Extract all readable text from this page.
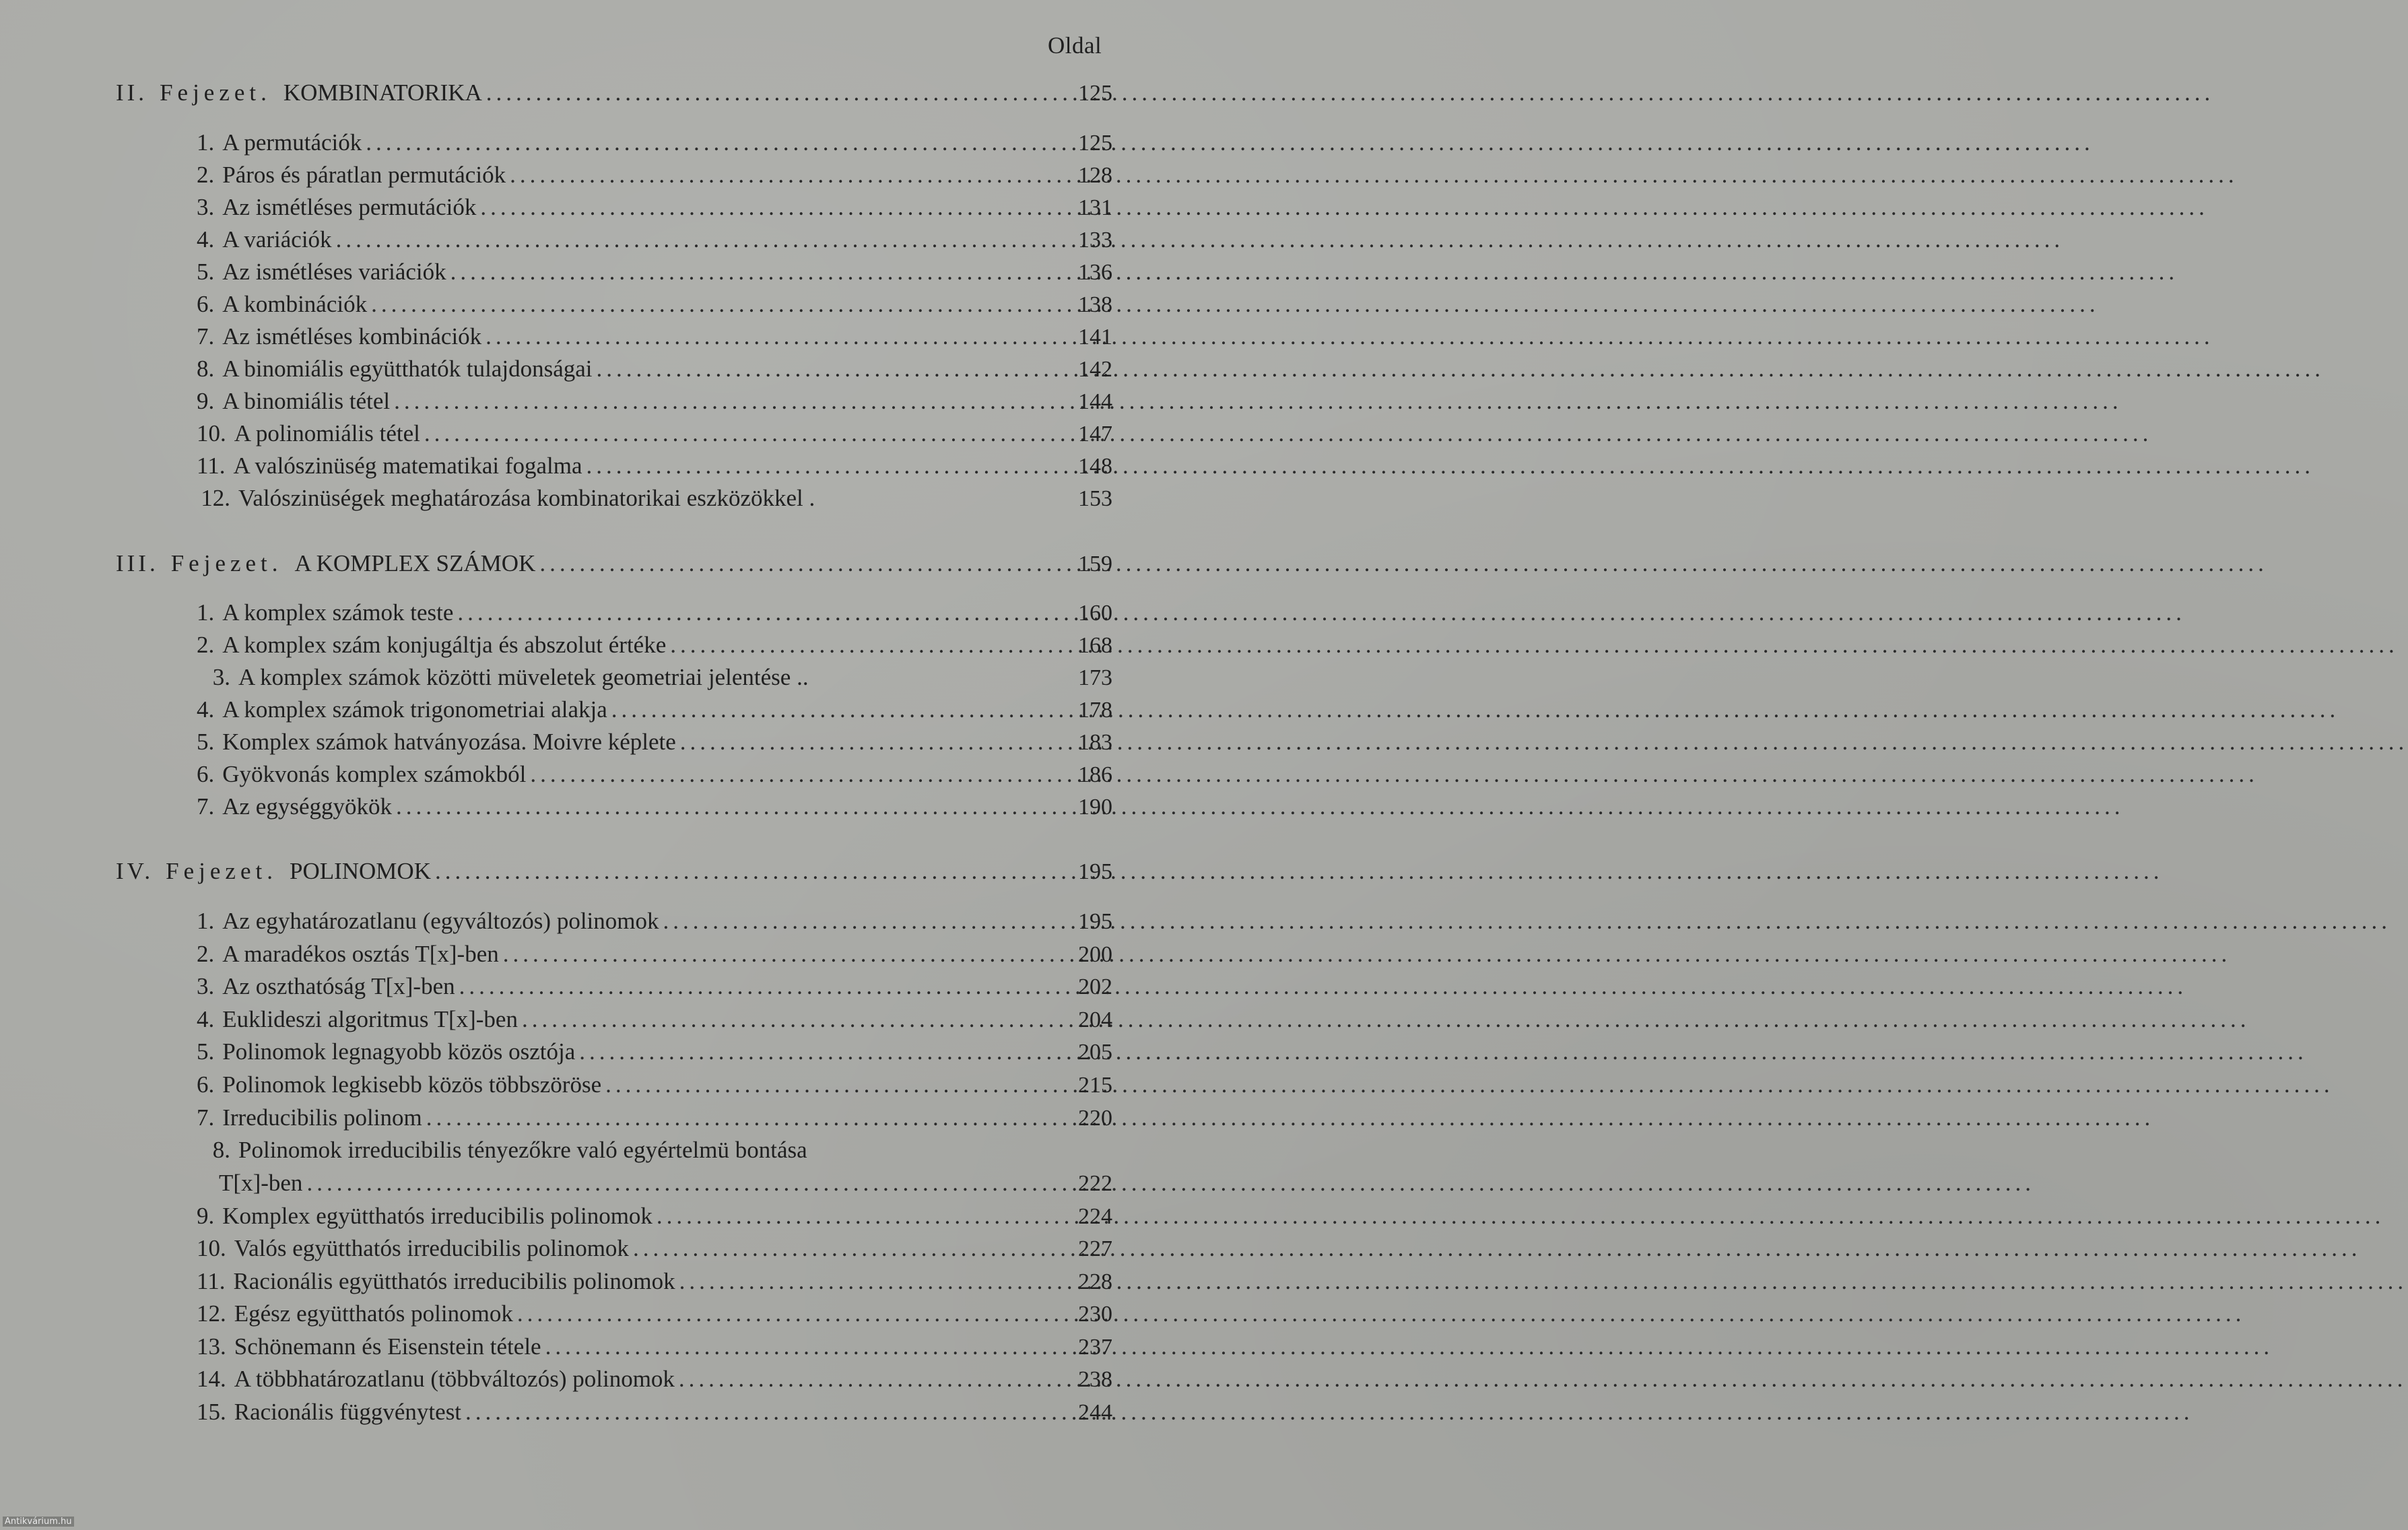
Oldal
II. Fejezet. KOMBINATORIKA .....	125
1. A permutációk .....	125
2. Páros és páratlan permutációk .....	128
3. Az ismétléses permutációk .....	131
4. A variációk .....	133
5. Az ismétléses variációk .....	136
6. A kombinációk .....	138
7. Az ismétléses kombinációk .....	141
8. A binomiális együtthatók tulajdonságai .....	142
9. A binomiális tétel .....	144
10. A polinomiális tétel .....	147
11. A valószinüség matematikai fogalma .....	148
12. Valószinüségek meghatározása kombinatorikai eszközökkel .	153
III. Fejezet. A KOMPLEX SZÁMOK .....	159
1. A komplex számok teste .....	160
2. A komplex szám konjugáltja és abszolut értéke .....	168
3. A komplex számok közötti müveletek geometriai jelentése ..	173
4. A komplex számok trigonometriai alakja .....	178
5. Komplex számok hatványozása. Moivre képlete .....	183
6. Gyökvonás komplex számokból .....	186
7. Az egységgyökök .....	190
IV. Fejezet. POLINOMOK .....	195
1. Az egyhatározatlanu (egyváltozós) polinomok .....	195
2. A maradékos osztás T[x]-ben .....	200
3. Az oszthatóság T[x]-ben .....	202
4. Euklideszi algoritmus T[x]-ben .....	204
5. Polinomok legnagyobb közös osztója .....	205
6. Polinomok legkisebb közös többszöröse .....	215
7. Irreducibilis polinom .....	220
8. Polinomok irreducibilis tényezőkre való egyértelmü bontása
T[x]-ben .....	222
9. Komplex együtthatós irreducibilis polinomok .....	224
10. Valós együtthatós irreducibilis polinomok .....	227
11. Racionális együtthatós irreducibilis polinomok .....	228
12. Egész együtthatós polinomok .....	230
13. Schönemann és Eisenstein tétele .....	237
14. A többhatározatlanu (többváltozós) polinomok .....	238
15. Racionális függvénytest .....	244
Antikvárium.hu
